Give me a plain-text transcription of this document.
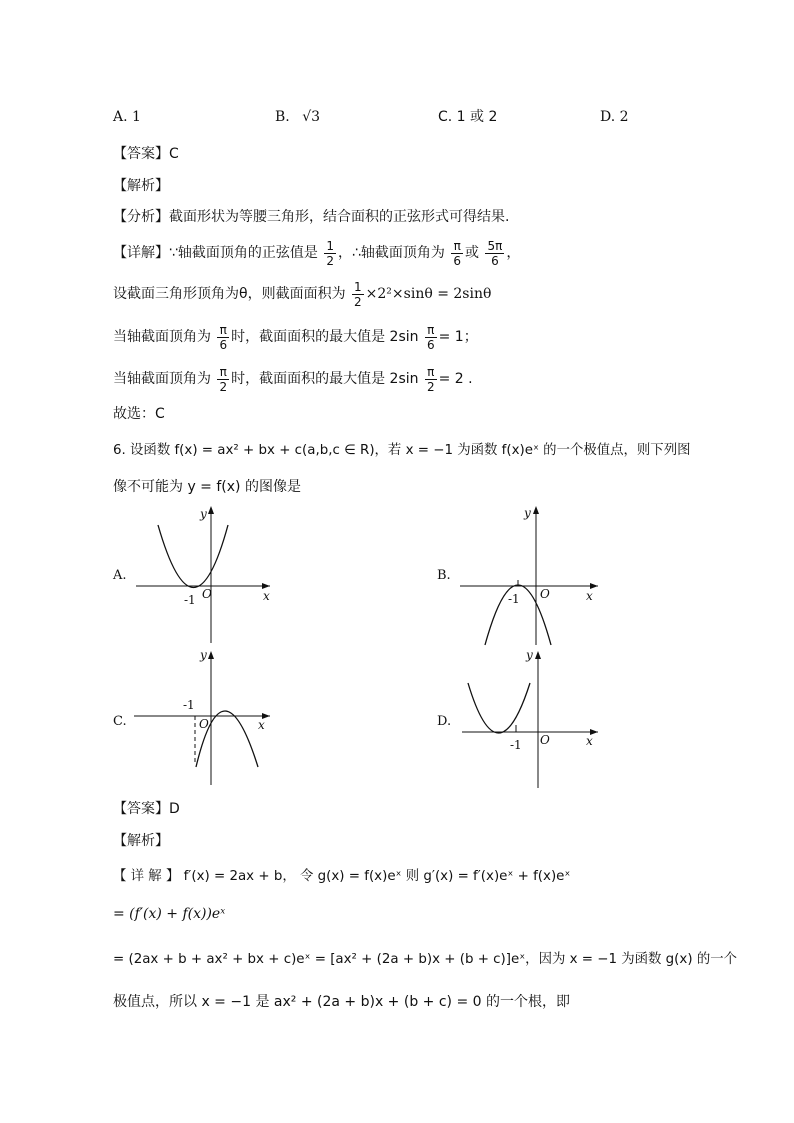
A. 1	B. √3	C. 1 或 2	D. 2
【答案】C
【解析】
【分析】截面形状为等腰三角形，结合面积的正弦形式可得结果.
【详解】∵轴截面顶角的正弦值是 $\frac{1}{2}$ ，∴轴截面顶角为 $\frac{\pi}{6}$ 或 $\frac{5\pi}{6}$ ，
设截面三角形顶角为θ，则截面面积为 $\frac{1}{2} \times 2^2\times\sin\theta = 2\sin\theta$
当轴截面顶角为 $\frac{\pi}{6}$ 时，截面面积的最大值是 $2\sin \frac{\pi}{6} = 1$；
当轴截面顶角为 $\frac{\pi}{2}$ 时，截面面积的最大值是 $2\sin \frac{\pi}{2} = 2$ .
故选：C
6. 设函数 f(x) = ax² + bx + c(a,b,c ∈ R)，若 x = −1 为函数 f(x)eˣ 的一个极值点，则下列图
像不可能为 y = f(x) 的图像是
A.	B.
C.	D.
y
x
O
-1
y
x
O
-1
y
x
O
-1
y
x
O
-1
【答案】D
【解析】
【 详 解 】 f′(x) = 2ax + b， 令 g(x) = f(x)eˣ 则 g′(x) = f′(x)eˣ + f(x)eˣ
= (f′(x) + f(x))eˣ
= (2ax + b + ax² + bx + c)eˣ = [ax² + (2a + b)x + (b + c)]eˣ，因为 x = −1 为函数 g(x) 的一个
极值点，所以 x = −1 是 ax² + (2a + b)x + (b + c) = 0 的一个根，即
